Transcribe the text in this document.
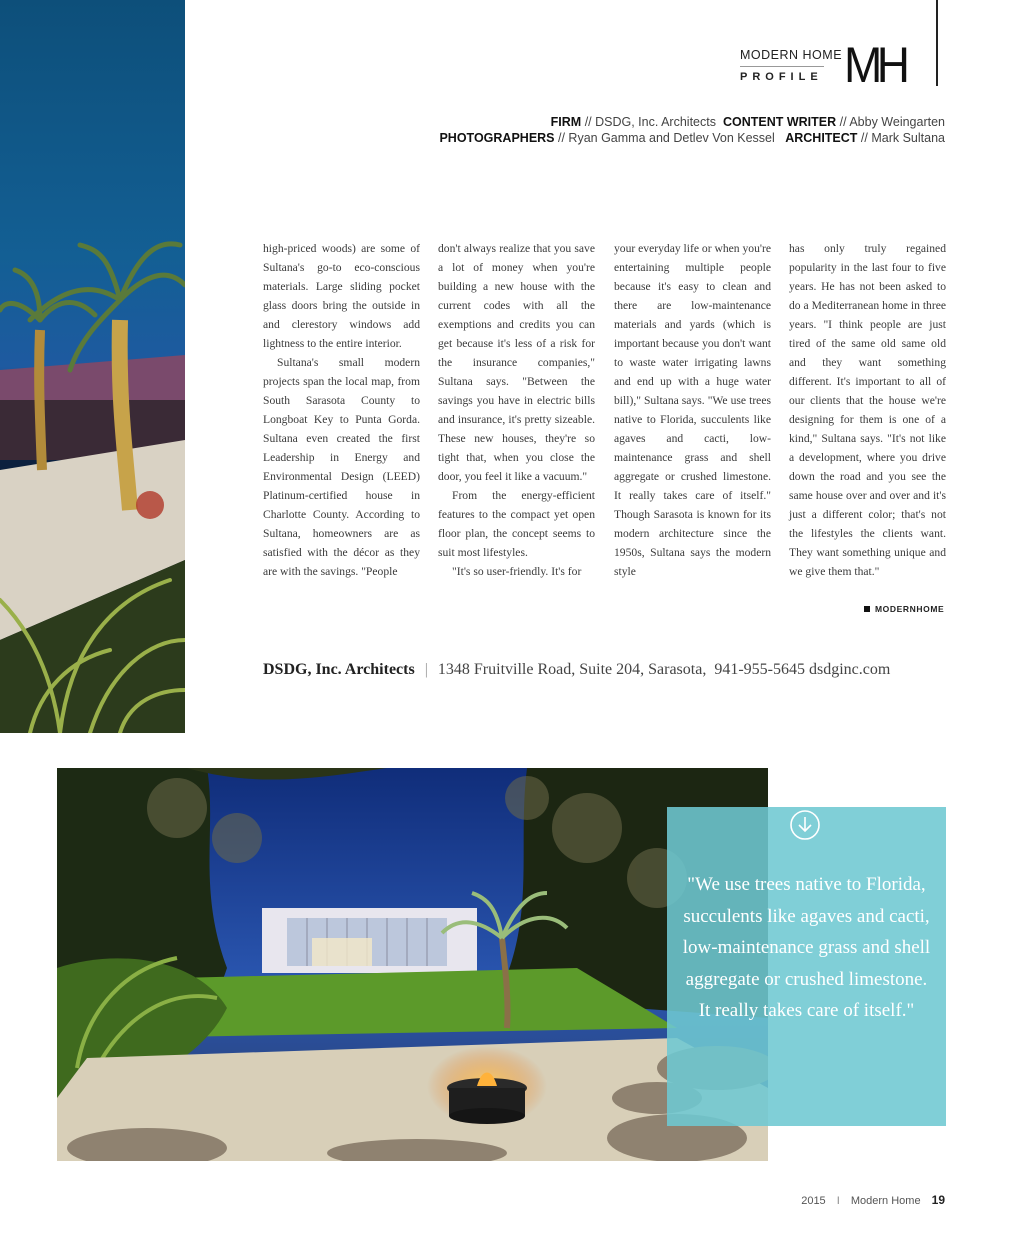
MODERN HOME
PROFILE MH
FIRM // DSDG, Inc. Architects CONTENT WRITER // Abby Weingarten
PHOTOGRAPHERS // Ryan Gamma and Detlev Von Kessel ARCHITECT // Mark Sultana

high-priced woods) are some of Sultana's go-to eco-conscious materials. Large sliding pocket glass doors bring the outside in and clerestory windows add lightness to the entire interior.

Sultana's small modern projects span the local map, from South Sarasota County to Longboat Key to Punta Gorda. Sultana even created the first Leadership in Energy and Environmental Design (LEED) Platinum-certified house in Charlotte County. According to Sultana, homeowners are as satisfied with the décor as they are with the savings. "People

don't always realize that you save a lot of money when you're building a new house with the current codes with all the exemptions and credits you can get because it's less of a risk for the insurance companies," Sultana says. "Between the savings you have in electric bills and insurance, it's pretty sizeable. These new houses, they're so tight that, when you close the door, you feel it like a vacuum."

From the energy-efficient features to the compact yet open floor plan, the concept seems to suit most lifestyles.

"It's so user-friendly. It's for

your everyday life or when you're entertaining multiple people because it's easy to clean and there are low-maintenance materials and yards (which is important because you don't want to waste water irrigating lawns and end up with a huge water bill)," Sultana says. "We use trees native to Florida, succulents like agaves and cacti, low-maintenance grass and shell aggregate or crushed limestone. It really takes care of itself." Though Sarasota is known for its modern architecture since the 1950s, Sultana says the modern style

has only truly regained popularity in the last four to five years. He has not been asked to do a Mediterranean home in three years. "I think people are just tired of the same old same old and they want something different. It's important to all of our clients that the house we're designing for them is one of a kind," Sultana says. "It's not like a development, where you drive down the road and you see the same house over and over and it's just a different color; that's not the lifestyles the clients want. They want something unique and we give them that."

MODERNHOME
DSDG, Inc. Architects | 1348 Fruitville Road, Suite 204, Sarasota, 941-955-5645 dsdginc.com
"We use trees native to Florida, succulents like agaves and cacti, low-maintenance grass and shell aggregate or crushed limestone. It really takes care of itself."
2015 I Modern Home 19
